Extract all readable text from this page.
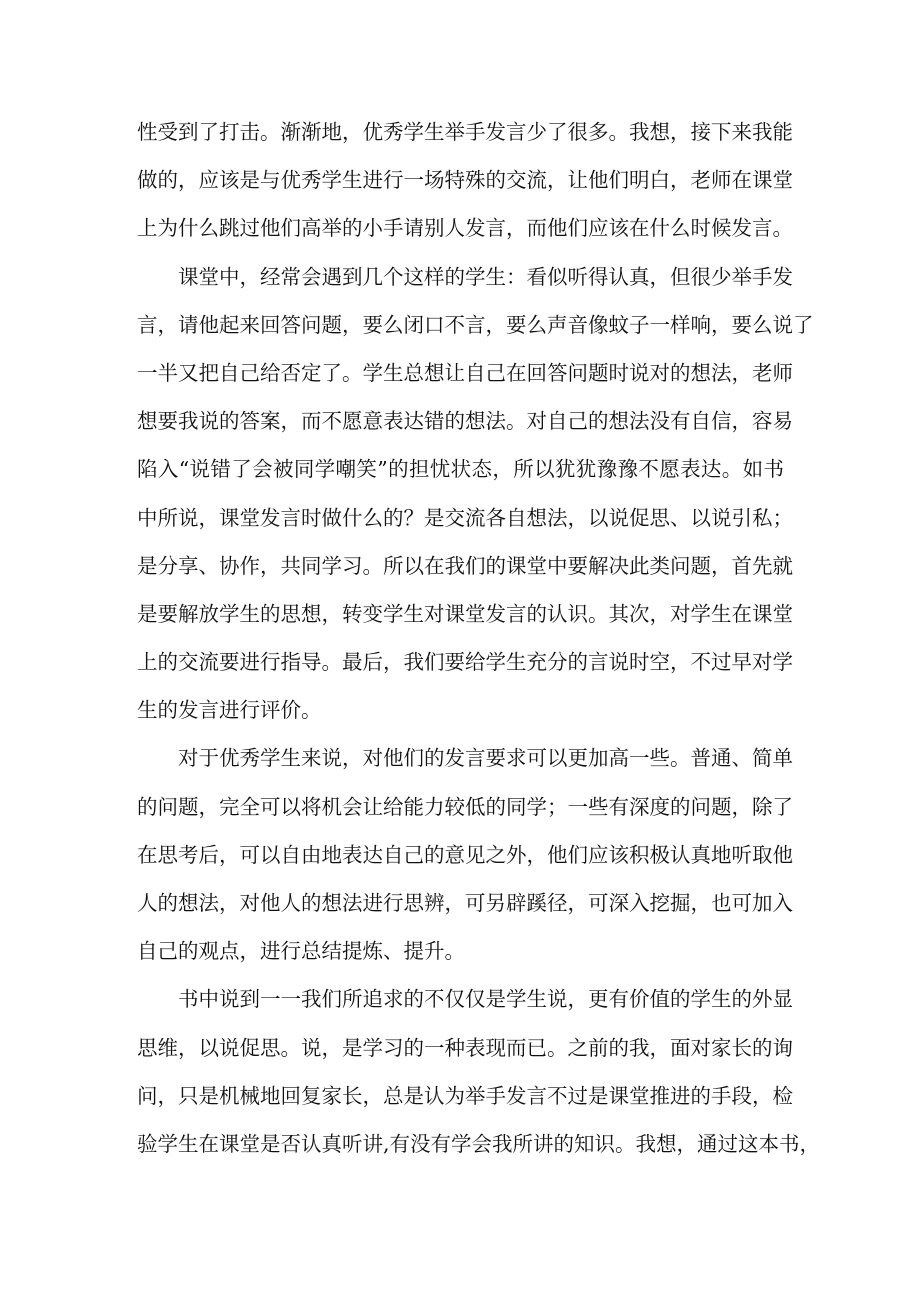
性受到了打击。渐渐地，优秀学生举手发言少了很多。我想，接下来我能
做的，应该是与优秀学生进行一场特殊的交流，让他们明白，老师在课堂
上为什么跳过他们高举的小手请别人发言，而他们应该在什么时候发言。
课堂中，经常会遇到几个这样的学生：看似听得认真，但很少举手发
言，请他起来回答问题，要么闭口不言，要么声音像蚊子一样响，要么说了
一半又把自己给否定了。学生总想让自己在回答问题时说对的想法，老师
想要我说的答案，而不愿意表达错的想法。对自己的想法没有自信，容易
陷入“说错了会被同学嘲笑”的担忧状态，所以犹犹豫豫不愿表达。如书
中所说，课堂发言时做什么的？是交流各自想法，以说促思、以说引私；
是分享、协作，共同学习。所以在我们的课堂中要解决此类问题，首先就
是要解放学生的思想，转变学生对课堂发言的认识。其次，对学生在课堂
上的交流要进行指导。最后，我们要给学生充分的言说时空，不过早对学
生的发言进行评价。
对于优秀学生来说，对他们的发言要求可以更加高一些。普通、简单
的问题，完全可以将机会让给能力较低的同学；一些有深度的问题，除了
在思考后，可以自由地表达自己的意见之外，他们应该积极认真地听取他
人的想法，对他人的想法进行思辨，可另辟蹊径，可深入挖掘，也可加入
自己的观点，进行总结提炼、提升。
书中说到一一我们所追求的不仅仅是学生说，更有价值的学生的外显
思维，以说促思。说，是学习的一种表现而已。之前的我，面对家长的询
问，只是机械地回复家长，总是认为举手发言不过是课堂推进的手段，检
验学生在课堂是否认真听讲,有没有学会我所讲的知识。我想，通过这本书，
